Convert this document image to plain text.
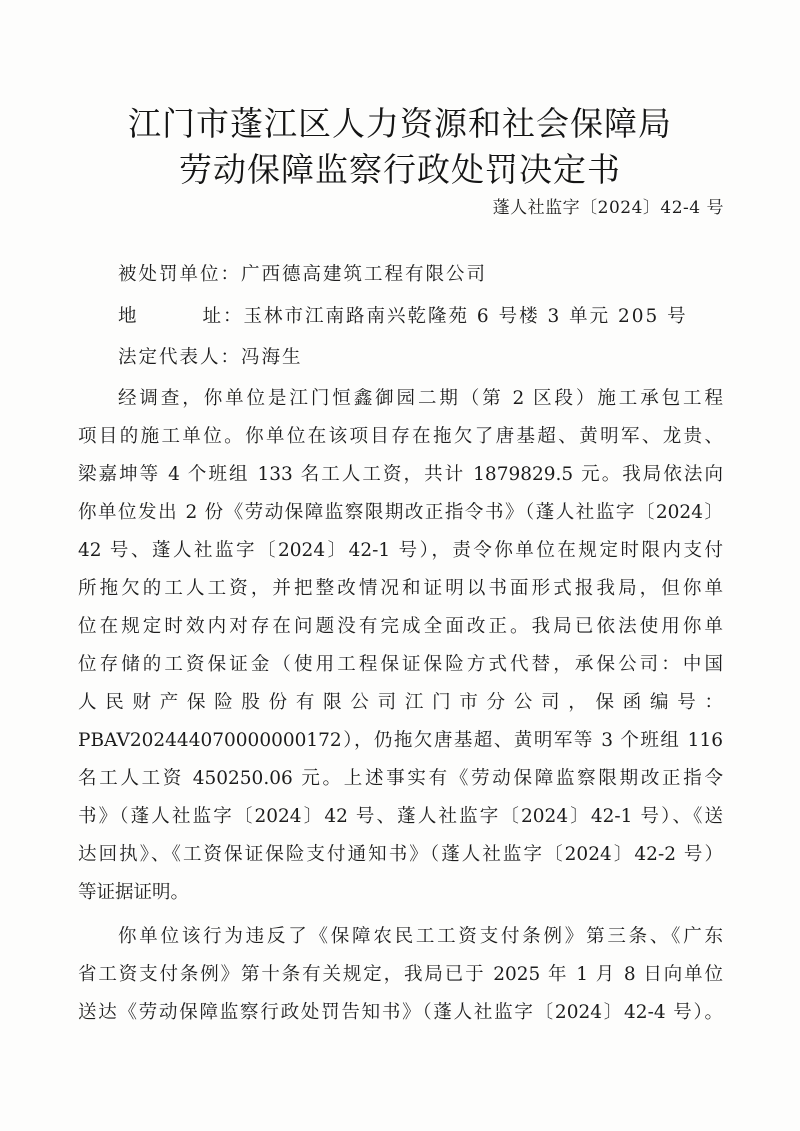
江门市蓬江区人力资源和社会保障局
劳动保障监察行政处罚决定书
蓬人社监字〔2024〕42-4 号
被处罚单位：广西德高建筑工程有限公司
地	址：玉林市江南路南兴乾隆苑 6 号楼 3 单元 205 号
法定代表人：冯海生
经调查，你单位是江门恒鑫御园二期（第 2 区段）施工承包工程
项目的施工单位。你单位在该项目存在拖欠了唐基超、黄明军、龙贵、
梁嘉坤等 4 个班组 133 名工人工资，共计 1879829.5 元。我局依法向
你单位发出 2 份《劳动保障监察限期改正指令书》（蓬人社监字〔2024〕
42 号、蓬人社监字〔2024〕42-1 号），责令你单位在规定时限内支付
所拖欠的工人工资，并把整改情况和证明以书面形式报我局，但你单
位在规定时效内对存在问题没有完成全面改正。我局已依法使用你单
位存储的工资保证金（使用工程保证保险方式代替，承保公司：中国
人民财产保险股份有限公司江门市分公司，保函编号：
PBAV202444070000000172），仍拖欠唐基超、黄明军等 3 个班组 116
名工人工资 450250.06 元。上述事实有《劳动保障监察限期改正指令
书》（蓬人社监字〔2024〕42 号、蓬人社监字〔2024〕42-1 号）、《送
达回执》、《工资保证保险支付通知书》（蓬人社监字〔2024〕42-2 号）
等证据证明。
你单位该行为违反了《保障农民工工资支付条例》第三条、《广东
省工资支付条例》第十条有关规定，我局已于 2025 年 1 月 8 日向单位
送达《劳动保障监察行政处罚告知书》（蓬人社监字〔2024〕42-4 号）。
